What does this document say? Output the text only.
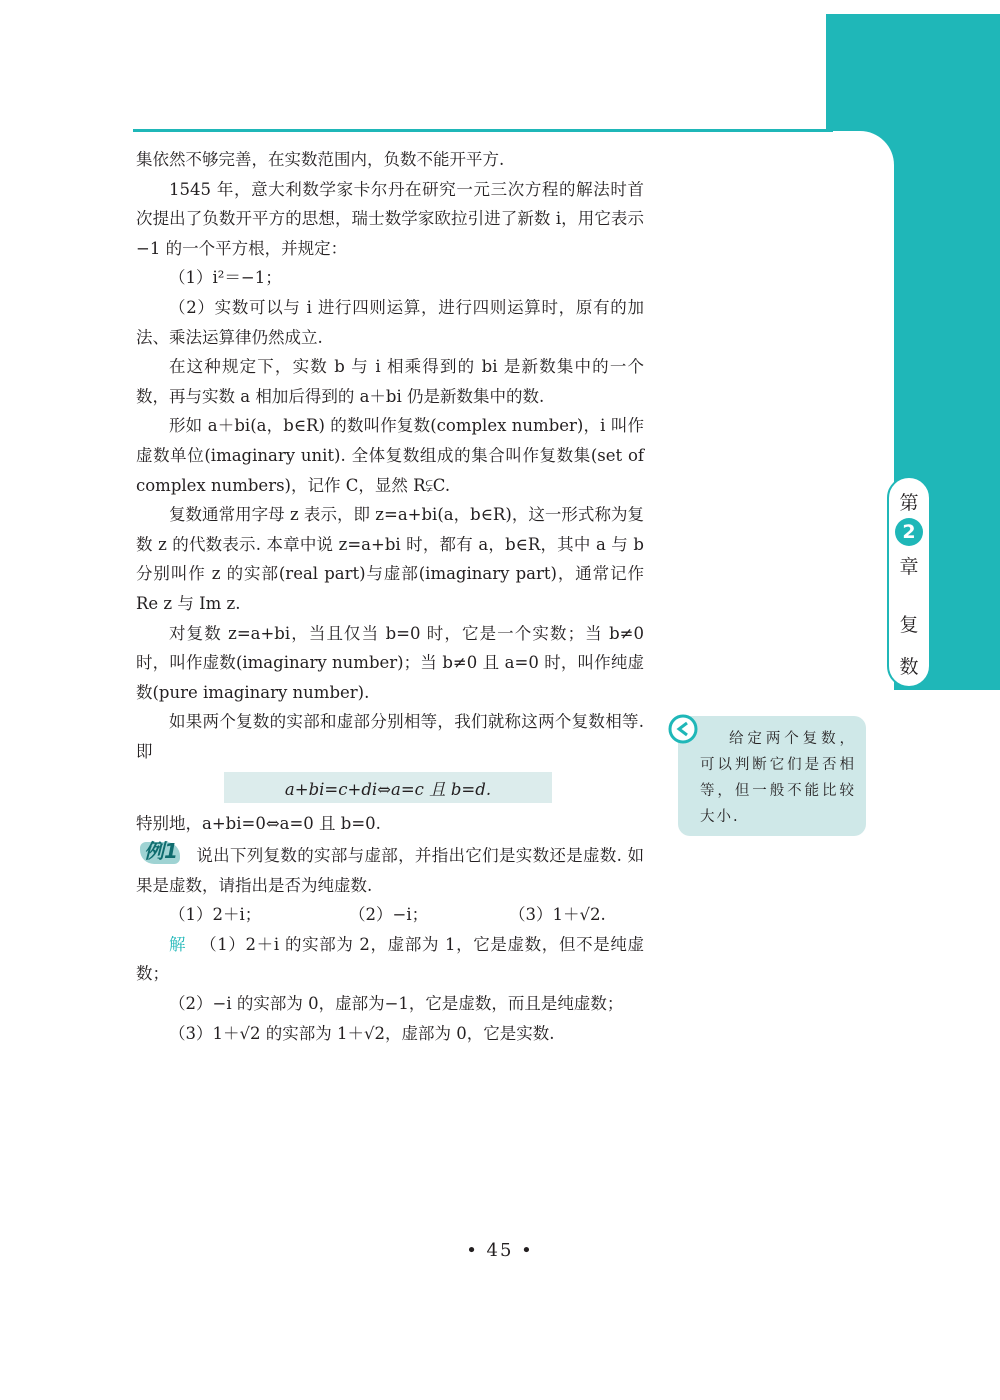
第
2
章
复
数

集依然不够完善，在实数范围内，负数不能开平方.

1545 年，意大利数学家卡尔丹在研究一元三次方程的解法时首次提出了负数开平方的思想，瑞士数学家欧拉引进了新数 i，用它表示−1 的一个平方根，并规定：

（1）i²＝−1；

（2）实数可以与 i 进行四则运算，进行四则运算时，原有的加法、乘法运算律仍然成立.

在这种规定下，实数 b 与 i 相乘得到的 bi 是新数集中的一个数，再与实数 a 相加后得到的 a＋bi 仍是新数集中的数.

形如 a＋bi(a，b∈R) 的数叫作复数(complex number)，i 叫作虚数单位(imaginary unit). 全体复数组成的集合叫作复数集(set of complex numbers)，记作 C，显然 R⫋C.

复数通常用字母 z 表示，即 z=a+bi(a，b∈R)，这一形式称为复数 z 的代数表示. 本章中说 z=a+bi 时，都有 a，b∈R，其中 a 与 b 分别叫作 z 的实部(real part)与虚部(imaginary part)，通常记作 Re z 与 Im z.

对复数 z=a+bi，当且仅当 b=0 时，它是一个实数；当 b≠0时，叫作虚数(imaginary number)；当 b≠0 且 a=0 时，叫作纯虚数(pure imaginary number).

如果两个复数的实部和虚部分别相等，我们就称这两个复数相等. 即

a+bi=c+di⇔a=c 且 b=d.

特别地，a+bi=0⇔a=0 且 b=0.

例1 说出下列复数的实部与虚部，并指出它们是实数还是虚数. 如果是虚数，请指出是否为纯虚数.

（1）2＋i；	（2）−i；	（3）1＋√2.

解 （1）2＋i 的实部为 2，虚部为 1，它是虚数，但不是纯虚数；

（2）−i 的实部为 0，虚部为−1，它是虚数，而且是纯虚数；

（3）1＋√2 的实部为 1＋√2，虚部为 0，它是实数.

给定两个复数，可以判断它们是否相等，但一般不能比较大小.
• 45 •
